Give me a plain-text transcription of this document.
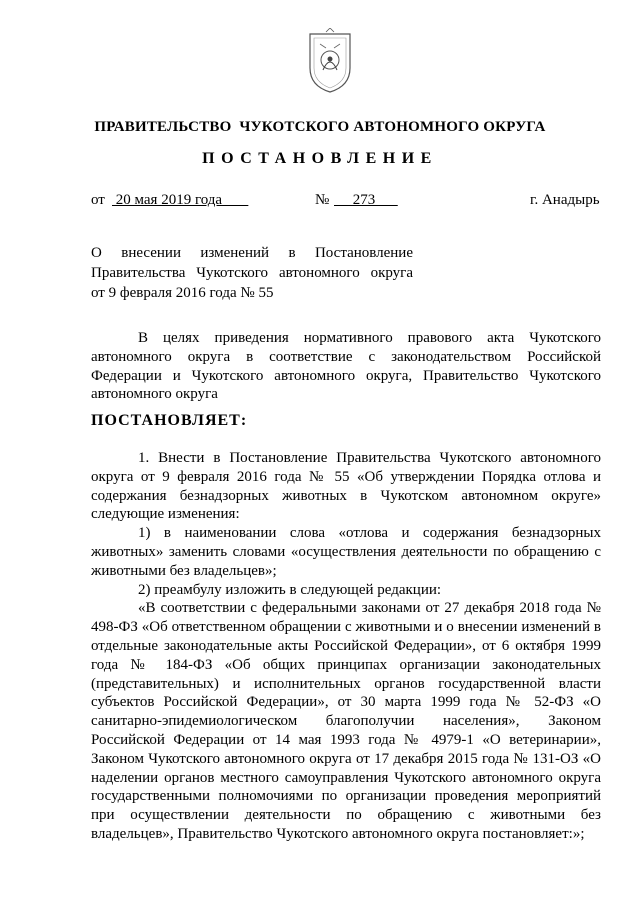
ПРАВИТЕЛЬСТВО  ЧУКОТСКОГО АВТОНОМНОГО ОКРУГА
ПОСТАНОВЛЕНИЕ
от 20 мая 2019 года	№ 273	г. Анадырь
О внесении изменений в Постановление
Правительства Чукотского автономного округа
от 9 февраля 2016 года № 55

В целях приведения нормативного правового акта Чукотского автономного округа в соответствие с законодательством Российской Федерации и Чукотского автономного округа, Правительство Чукотского автономного округа

ПОСТАНОВЛЯЕТ:

1. Внести в Постановление Правительства Чукотского автономного округа от 9 февраля 2016 года № 55 «Об утверждении Порядка отлова и содержания безнадзорных животных в Чукотском автономном округе» следующие изменения:

1) в наименовании слова «отлова и содержания безнадзорных животных» заменить словами «осуществления деятельности по обращению с животными без владельцев»;

2) преамбулу изложить в следующей редакции:

«В соответствии с федеральными законами от 27 декабря 2018 года № 498-ФЗ «Об ответственном обращении с животными и о внесении изменений в отдельные законодательные акты Российской Федерации», от 6 октября 1999 года № 184-ФЗ «Об общих принципах организации законодательных (представительных) и исполнительных органов государственной власти субъектов Российской Федерации», от 30 марта 1999 года № 52-ФЗ «О санитарно-эпидемиологическом благополучии населения», Законом Российской Федерации от 14 мая 1993 года № 4979-1 «О ветеринарии», Законом Чукотского автономного округа от 17 декабря 2015 года № 131-ОЗ «О наделении органов местного самоуправления Чукотского автономного округа государственными полномочиями по организации проведения мероприятий при осуществлении деятельности по обращению с животными без владельцев», Правительство Чукотского автономного округа постановляет:»;
